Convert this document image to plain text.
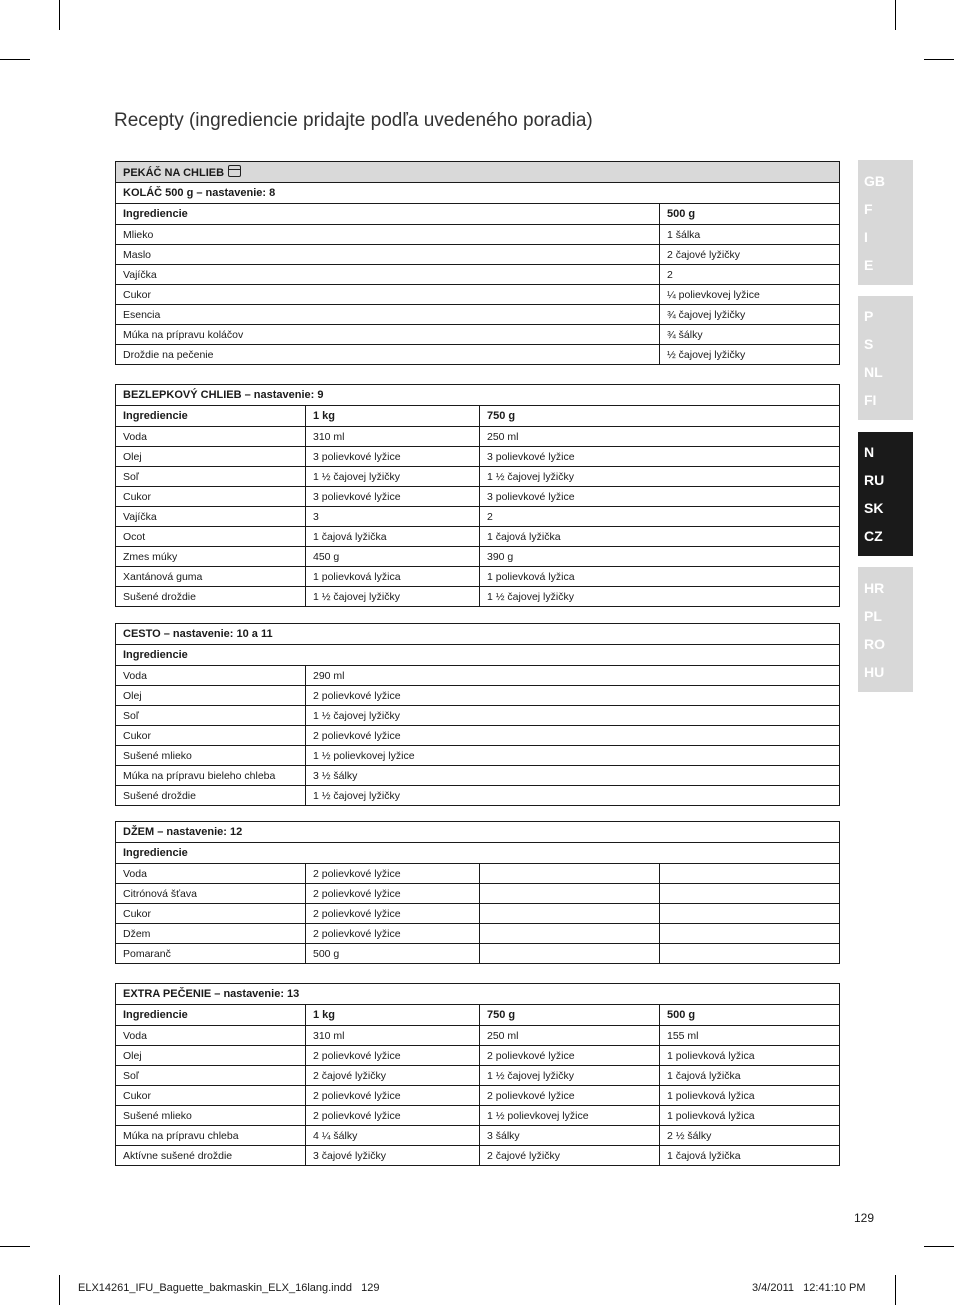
Recepty (ingrediencie pridajte podľa uvedeného poradia)
PEKÁČ NA CHLIEB	
KOLÁČ 500 g – nastavenie: 8	
Ingrediencie	500 g
Mlieko	1 šálka
Maslo	2 čajové lyžičky
Vajíčka	2
Cukor	¼ polievkovej lyžice
Esencia	¾ čajovej lyžičky
Múka na prípravu koláčov	¾ šálky
Droždie na pečenie	½ čajovej lyžičky
BEZLEPKOVÝ CHLIEB – nastavenie: 9		
Ingrediencie	1 kg	750 g
Voda	310 ml	250 ml
Olej	3 polievkové lyžice	3 polievkové lyžice
Soľ	1 ½ čajovej lyžičky	1 ½ čajovej lyžičky
Cukor	3 polievkové lyžice	3 polievkové lyžice
Vajíčka	3	2
Ocot	1 čajová lyžička	1 čajová lyžička
Zmes múky	450 g	390 g
Xantánová guma	1 polievková lyžica	1 polievková lyžica
Sušené droždie	1 ½ čajovej lyžičky	1 ½ čajovej lyžičky
CESTO – nastavenie: 10 a 11	
Ingrediencie	
Voda	290 ml
Olej	2 polievkové lyžice
Soľ	1 ½ čajovej lyžičky
Cukor	2 polievkové lyžice
Sušené mlieko	1 ½ polievkovej lyžice
Múka na prípravu bieleho chleba	3 ½ šálky
Sušené droždie	1 ½ čajovej lyžičky
DŽEM – nastavenie: 12			
Ingrediencie			
Voda	2 polievkové lyžice		
Citrónová šťava	2 polievkové lyžice		
Cukor	2 polievkové lyžice		
Džem	2 polievkové lyžice		
Pomaranč	500 g		
EXTRA PEČENIE – nastavenie: 13			
Ingrediencie	1 kg	750 g	500 g
Voda	310 ml	250 ml	155 ml
Olej	2 polievkové lyžice	2 polievkové lyžice	1 polievková lyžica
Soľ	2 čajové lyžičky	1 ½ čajovej lyžičky	1 čajová lyžička
Cukor	2 polievkové lyžice	2 polievkové lyžice	1 polievková lyžica
Sušené mlieko	2 polievkové lyžice	1 ½ polievkovej lyžice	1 polievková lyžica
Múka na prípravu chleba	4 ¼ šálky	3 šálky	2 ½ šálky
Aktívne sušené droždie	3 čajové lyžičky	2 čajové lyžičky	1 čajová lyžička
GB
F
I
E
P
S
NL
FI
N
RU
SK
CZ
HR
PL
RO
HU
129
ELX14261_IFU_Baguette_bakmaskin_ELX_16lang.indd   129	3/4/2011   12:41:10 PM
